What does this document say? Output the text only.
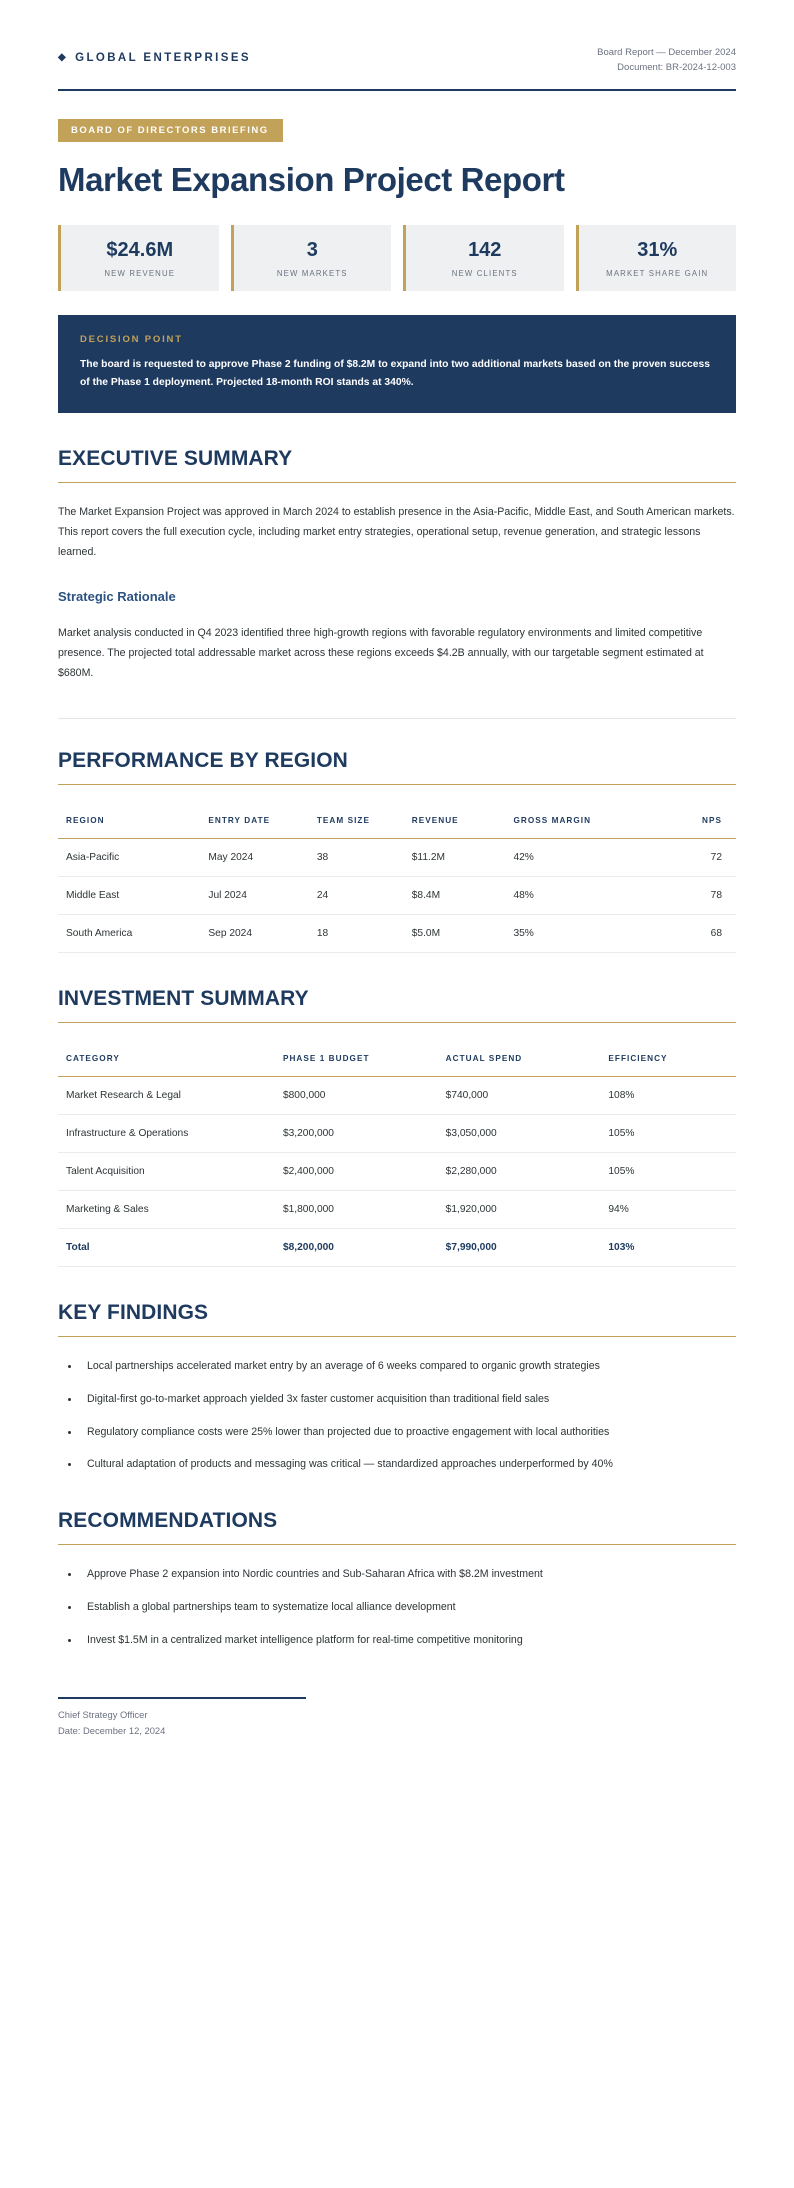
◆ GLOBAL ENTERPRISES	Board Report — December 2024
Document: BR-2024-12-003
BOARD OF DIRECTORS BRIEFING
Market Expansion Project Report
$24.6M
NEW REVENUE
3
NEW MARKETS
142
NEW CLIENTS
31%
MARKET SHARE GAIN
DECISION POINT
The board is requested to approve Phase 2 funding of $8.2M to expand into two additional markets based on the proven success of the Phase 1 deployment. Projected 18-month ROI stands at 340%.
EXECUTIVE SUMMARY

The Market Expansion Project was approved in March 2024 to establish presence in the Asia-Pacific, Middle East, and South American markets. This report covers the full execution cycle, including market entry strategies, operational setup, revenue generation, and strategic lessons learned.

Strategic Rationale

Market analysis conducted in Q4 2023 identified three high-growth regions with favorable regulatory environments and limited competitive presence. The projected total addressable market across these regions exceeds $4.2B annually, with our targetable segment estimated at $680M.

PERFORMANCE BY REGION
REGION	ENTRY DATE	TEAM SIZE	REVENUE	GROSS MARGIN	NPS
Asia-Pacific	May 2024	38	$11.2M	42%	72
Middle East	Jul 2024	24	$8.4M	48%	78
South America	Sep 2024	18	$5.0M	35%	68
INVESTMENT SUMMARY
CATEGORY	PHASE 1 BUDGET	ACTUAL SPEND	EFFICIENCY
Market Research & Legal	$800,000	$740,000	108%
Infrastructure & Operations	$3,200,000	$3,050,000	105%
Talent Acquisition	$2,400,000	$2,280,000	105%
Marketing & Sales	$1,800,000	$1,920,000	94%
Total	$8,200,000	$7,990,000	103%
KEY FINDINGS
• Local partnerships accelerated market entry by an average of 6 weeks compared to organic growth strategies
• Digital-first go-to-market approach yielded 3x faster customer acquisition than traditional field sales
• Regulatory compliance costs were 25% lower than projected due to proactive engagement with local authorities
• Cultural adaptation of products and messaging was critical — standardized approaches underperformed by 40%
RECOMMENDATIONS
• Approve Phase 2 expansion into Nordic countries and Sub-Saharan Africa with $8.2M investment
• Establish a global partnerships team to systematize local alliance development
• Invest $1.5M in a centralized market intelligence platform for real-time competitive monitoring
Chief Strategy Officer
Date: December 12, 2024
